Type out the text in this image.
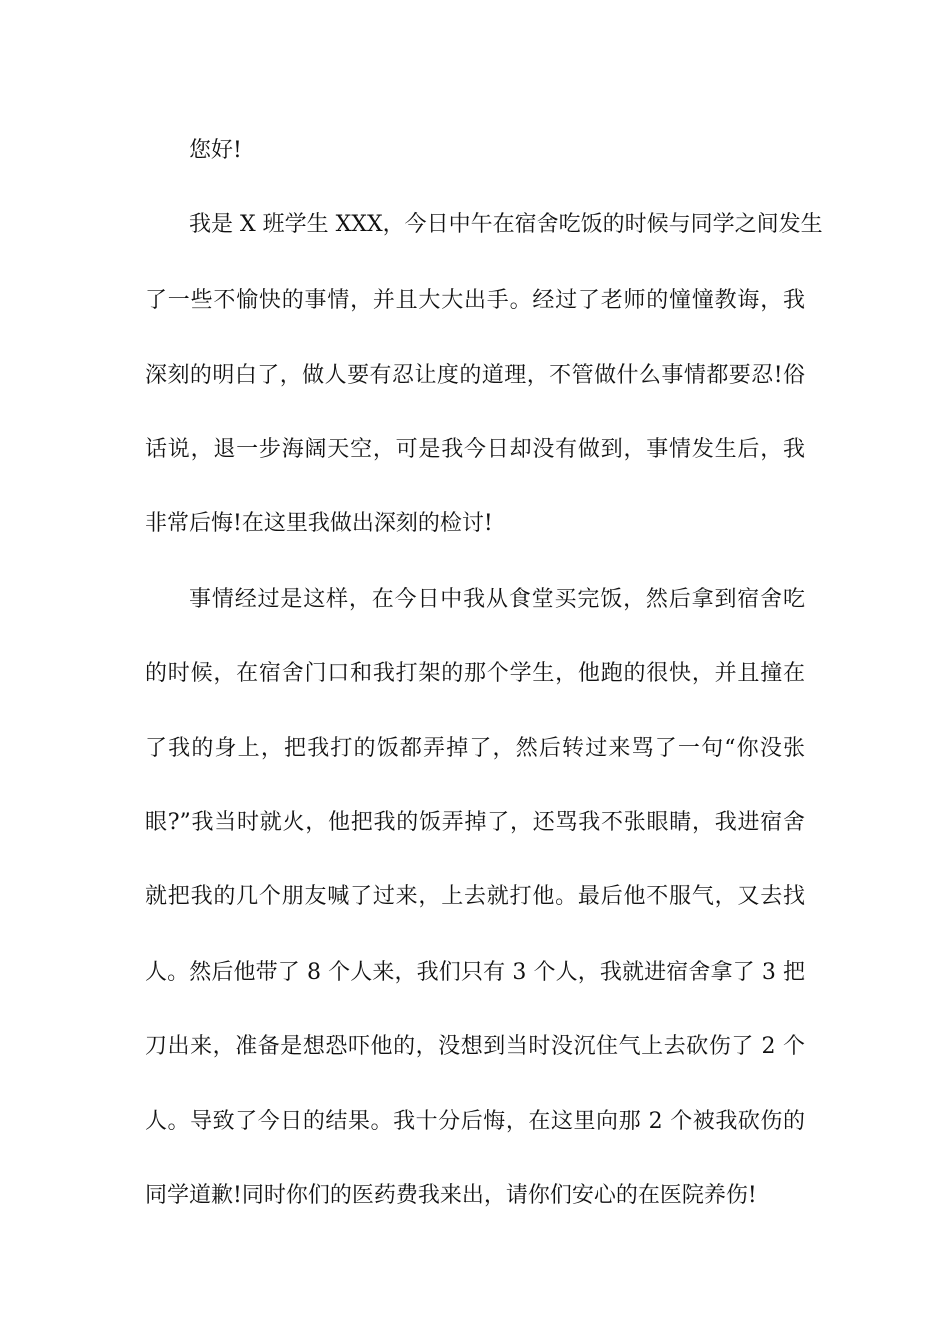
您好!
我是 X 班学生 XXX，今日中午在宿舍吃饭的时候与同学之间发生
了一些不愉快的事情，并且大大出手。经过了老师的憧憧教诲，我
深刻的明白了，做人要有忍让度的道理，不管做什么事情都要忍!俗
话说，退一步海阔天空，可是我今日却没有做到，事情发生后，我
非常后悔!在这里我做出深刻的检讨!
事情经过是这样，在今日中我从食堂买完饭，然后拿到宿舍吃
的时候，在宿舍门口和我打架的那个学生，他跑的很快，并且撞在
了我的身上，把我打的饭都弄掉了，然后转过来骂了一句“你没张
眼?”我当时就火，他把我的饭弄掉了，还骂我不张眼睛，我进宿舍
就把我的几个朋友喊了过来，上去就打他。最后他不服气，又去找
人。然后他带了 8 个人来，我们只有 3 个人，我就进宿舍拿了 3 把
刀出来，准备是想恐吓他的，没想到当时没沉住气上去砍伤了 2 个
人。导致了今日的结果。我十分后悔，在这里向那 2 个被我砍伤的
同学道歉!同时你们的医药费我来出，请你们安心的在医院养伤!
